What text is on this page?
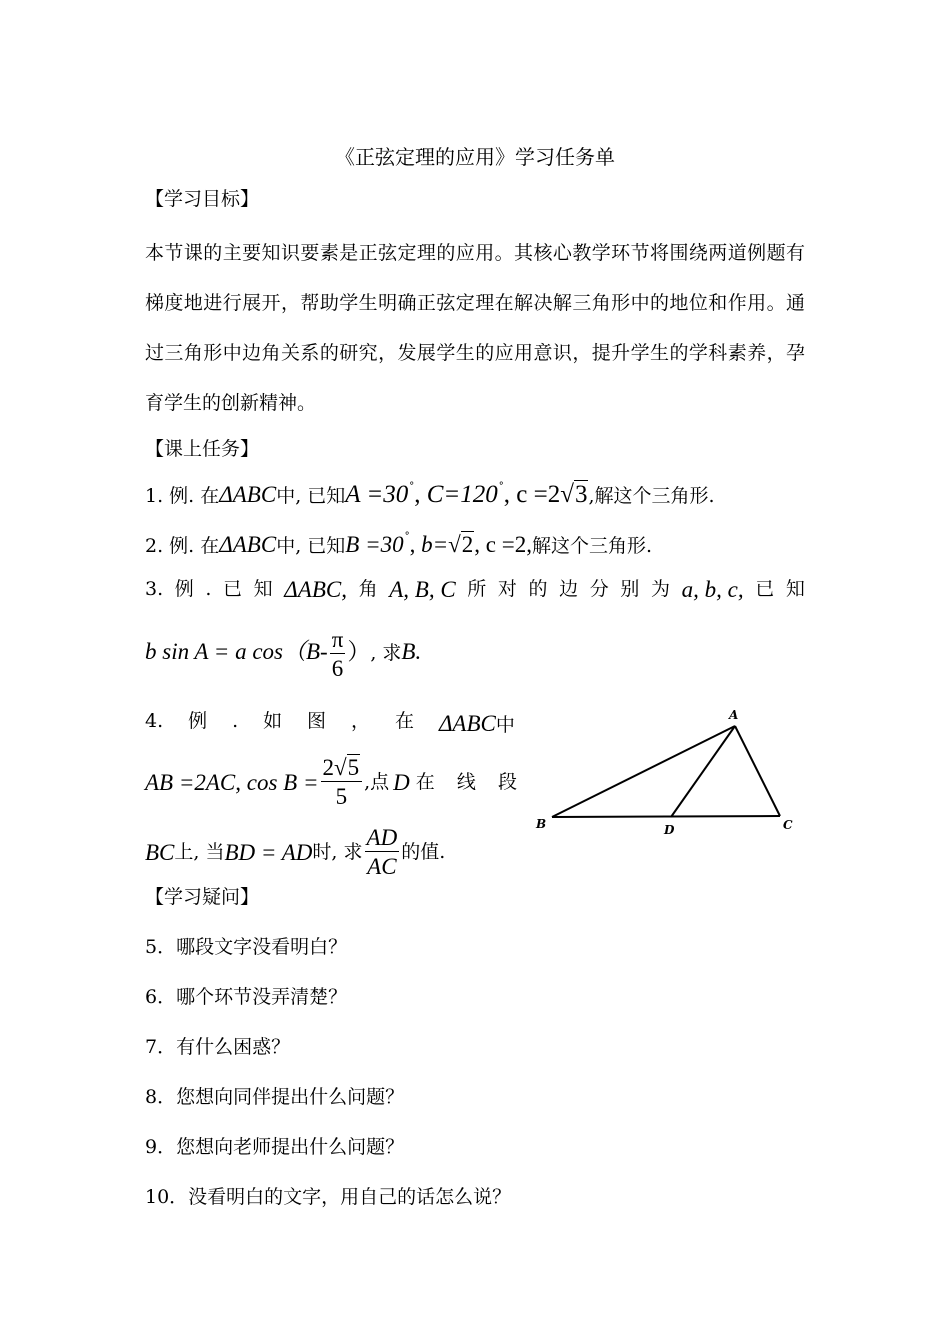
《正弦定理的应用》学习任务单
【学习目标】
本节课的主要知识要素是正弦定理的应用。其核心教学环节将围绕两道例题有梯度地进行展开，帮助学生明确正弦定理在解决解三角形中的地位和作用。通过三角形中边角关系的研究，发展学生的应用意识，提升学生的学科素养，孕育学生的创新精神。
【课上任务】
1. 例. 在ΔABC中, 已知A =30°, C=120°, c =2√3,解这个三角形.
2. 例. 在ΔABC中, 已知B =30°, b=√2, c =2,解这个三角形.
3. 例 . 已 知 ΔABC, 角 A, B, C 所 对 的 边 分 别 为 a, b, c, 已 知
b sin A = a $\cos(B- \frac{\pi}{6}$ ）, 求B.
4. 例 . 如 图 ， 在 ΔABC中
AB =2AC, $\cos B = \frac{2√5}{5}$ ,点 D 在 线 段
BC 上, 当 BD = AD 时, 求 $\frac{AD}{AC}$ 的值.
A
B	C
D
【学习疑问】
5．哪段文字没看明白？
6．哪个环节没弄清楚？
7．有什么困惑？
8．您想向同伴提出什么问题？
9．您想向老师提出什么问题？
10．没看明白的文字，用自己的话怎么说？
